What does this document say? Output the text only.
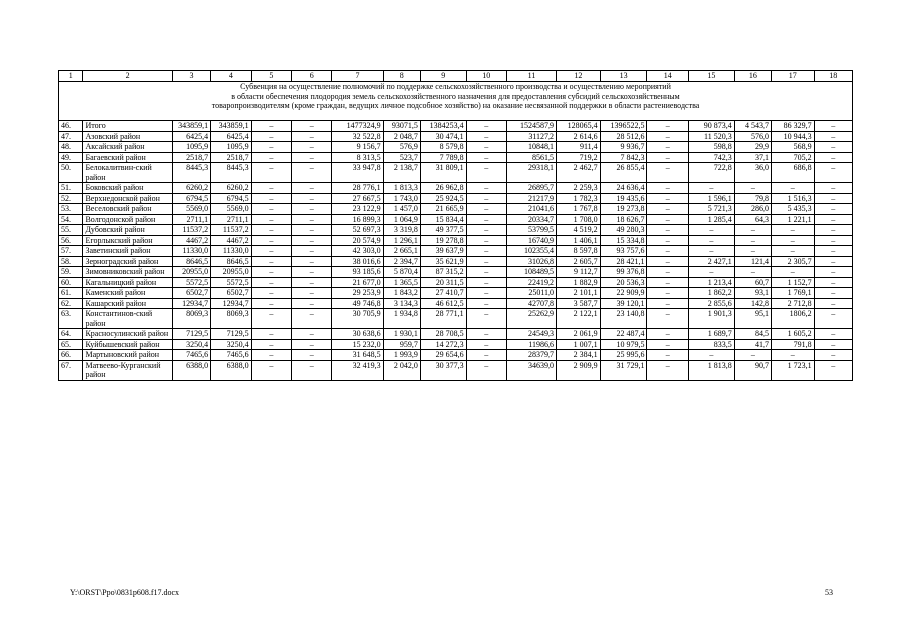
1	2	3	4	5	6	7	8	9	10	11	12	13	14	15	16	17	18

Субвенция на осуществление полномочий по поддержке сельскохозяйственного производства и осуществлению мероприятий
в области обеспечения плодородия земель сельскохозяйственного назначения для предоставления субсидий сельскохозяйственным
товаропроизводителям (кроме граждан, ведущих личное подсобное хозяйство) на оказание несвязанной поддержки в области растениеводства																	

46.	Итого	343859,1	343859,1	–	–	1477324,9	93071,5	1384253,4	–	1524587,9	128065,4	1396522,5	–	90 873,4	4 543,7	86 329,7	–
47.	Азовский район	6425,4	6425,4	–	–	32 522,8	2 048,7	30 474,1	–	31127,2	2 614,6	28 512,6	–	11 520,3	576,0	10 944,3	–
48.	Аксайский район	1095,9	1095,9	–	–	9 156,7	576,9	8 579,8	–	10848,1	911,4	9 936,7	–	598,8	29,9	568,9	–
49.	Багаевский район	2518,7	2518,7	–	–	8 313,5	523,7	7 789,8	–	8561,5	719,2	7 842,3	–	742,3	37,1	705,2	–
50.	Белокалитвин-ский район	8445,3	8445,3	–	–	33 947,8	2 138,7	31 809,1	–	29318,1	2 462,7	26 855,4	–	722,8	36,0	686,8	–
51.	Боковский район	6260,2	6260,2	–	–	28 776,1	1 813,3	26 962,8	–	26895,7	2 259,3	24 636,4	–	–	–	–	–
52.	Верхнедонской район	6794,5	6794,5	–	–	27 667,5	1 743,0	25 924,5	–	21217,9	1 782,3	19 435,6	–	1 596,1	79,8	1 516,3	–
53.	Веселовский район	5569,0	5569,0	–	–	23 122,9	1 457,0	21 665,9	–	21041,6	1 767,8	19 273,8	–	5 721,3	286,0	5 435,3	–
54.	Волгодонской район	2711,1	2711,1	–	–	16 899,3	1 064,9	15 834,4	–	20334,7	1 708,0	18 626,7	–	1 285,4	64,3	1 221,1	–
55.	Дубовский район	11537,2	11537,2	–	–	52 697,3	3 319,8	49 377,5	–	53799,5	4 519,2	49 280,3	–	–	–	–	–
56.	Егорлыкский район	4467,2	4467,2	–	–	20 574,9	1 296,1	19 278,8	–	16740,9	1 406,1	15 334,8	–	–	–	–	–
57.	Заветинский район	11330,0	11330,0	–	–	42 303,0	2 665,1	39 637,9	–	102355,4	8 597,8	93 757,6	–	–	–	–	–
58.	Зерноградский район	8646,5	8646,5	–	–	38 016,6	2 394,7	35 621,9	–	31026,8	2 605,7	28 421,1	–	2 427,1	121,4	2 305,7	–
59.	Зимовниковский район	20955,0	20955,0	–	–	93 185,6	5 870,4	87 315,2	–	108489,5	9 112,7	99 376,8	–	–	–	–	–
60.	Кагальницкий район	5572,5	5572,5	–	–	21 677,0	1 365,5	20 311,5	–	22419,2	1 882,9	20 536,3	–	1 213,4	60,7	1 152,7	–
61.	Каменский район	6502,7	6502,7	–	–	29 253,9	1 843,2	27 410,7	–	25011,0	2 101,1	22 909,9	–	1 862,2	93,1	1 769,1	–
62.	Кашарский район	12934,7	12934,7	–	–	49 746,8	3 134,3	46 612,5	–	42707,8	3 587,7	39 120,1	–	2 855,6	142,8	2 712,8	–
63.	Константинов-ский район	8069,3	8069,3	–	–	30 705,9	1 934,8	28 771,1	–	25262,9	2 122,1	23 140,8	–	1 901,3	95,1	1806,2	–
64.	Красносулинский район	7129,5	7129,5	–	–	30 638,6	1 930,1	28 708,5	–	24549,3	2 061,9	22 487,4	–	1 689,7	84,5	1 605,2	–
65.	Куйбышевский район	3250,4	3250,4	–	–	15 232,0	959,7	14 272,3	–	11986,6	1 007,1	10 979,5	–	833,5	41,7	791,8	–
66.	Мартыновский район	7465,6	7465,6	–	–	31 648,5	1 993,9	29 654,6	–	28379,7	2 384,1	25 995,6	–	–	–	–	–
67.	Матвеево-Курганский район	6388,0	6388,0	–	–	32 419,3	2 042,0	30 377,3	–	34639,0	2 909,9	31 729,1	–	1 813,8	90,7	1 723,1	–
Y:\ORST\Ppo\0831p608.f17.docx	53
